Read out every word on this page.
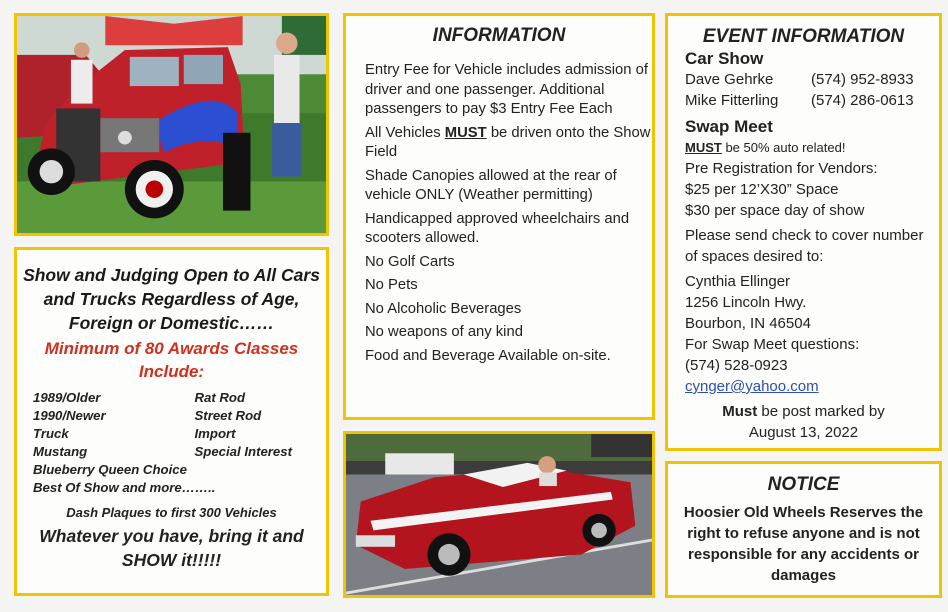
Show and Judging Open to All Cars and Trucks Regardless of Age, Foreign or Domestic……
Minimum of 80 Awards Classes Include:
1989/Older	Rat Rod
1990/Newer	Street Rod
Truck	Import
Mustang	Special Interest
Blueberry Queen Choice
Best Of Show and more……..
Dash Plaques to first 300 Vehicles
Whatever you have, bring it and SHOW it!!!!!
INFORMATION
Entry Fee for Vehicle includes admission of driver and one passenger. Additional passengers to pay $3 Entry Fee Each
All Vehicles MUST be driven onto the Show Field
Shade Canopies allowed at the rear of vehicle ONLY (Weather permitting)
Handicapped approved wheelchairs and scooters allowed.
No Golf Carts
No Pets
No Alcoholic Beverages
No weapons of any kind
Food and Beverage Available on-site.
EVENT INFORMATION
Car Show
Dave Gehrke	(574) 952-8933
Mike Fitterling	(574) 286-0613
Swap Meet
MUST be 50% auto related!
Pre Registration for Vendors:
$25 per 12’X30” Space
$30 per space day of show
Please send check to cover number of spaces desired to:
Cynthia Ellinger
1256 Lincoln Hwy.
Bourbon, IN 46504
For Swap Meet questions:
(574) 528-0923
cynger@yahoo.com
Must be post marked by
August 13, 2022
NOTICE

Hoosier Old Wheels Reserves the right to refuse anyone and is not responsible for any accidents or damages
